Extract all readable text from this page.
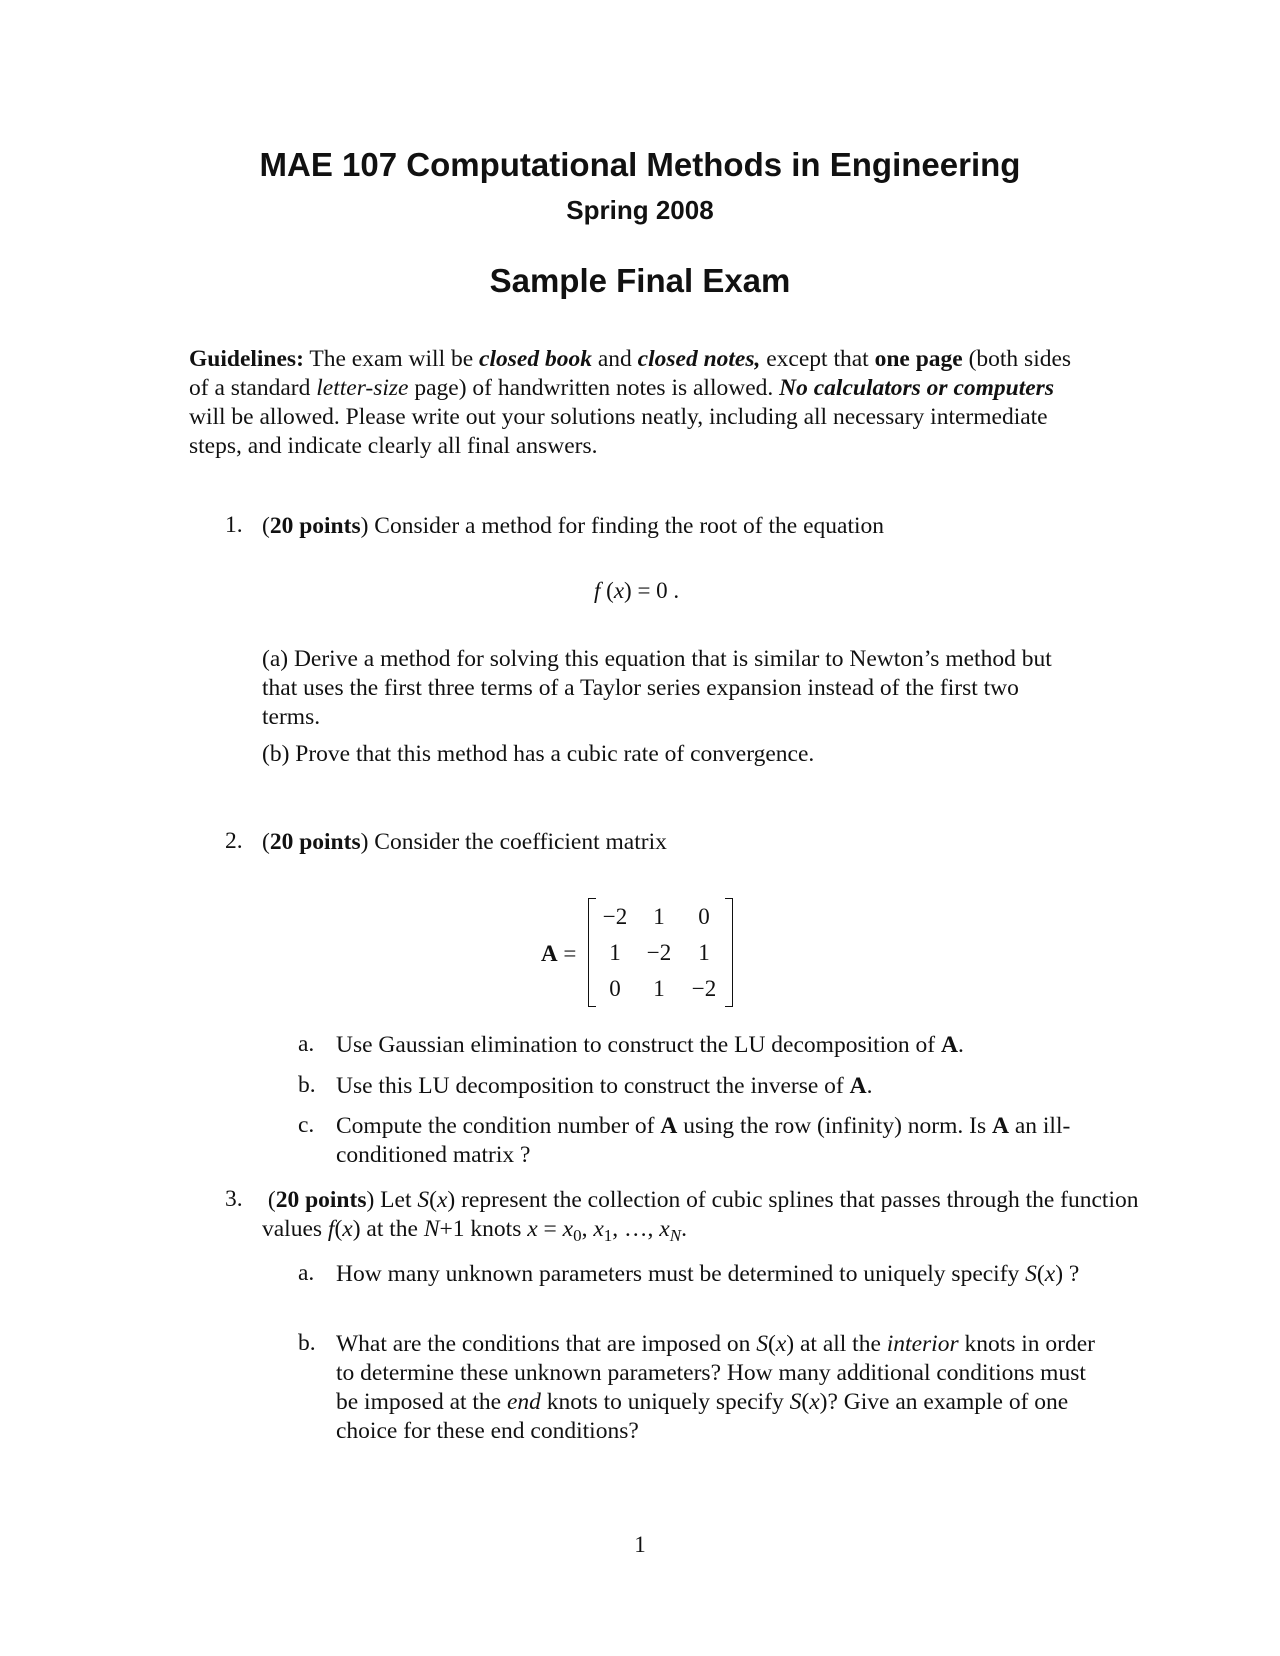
MAE 107 Computational Methods in Engineering
Spring 2008
Sample Final Exam
Guidelines: The exam will be closed book and closed notes, except that one page (both sides of a standard letter-size page) of handwritten notes is allowed. No calculators or computers will be allowed. Please write out your solutions neatly, including all necessary intermediate steps, and indicate clearly all final answers.
1. (20 points) Consider a method for finding the root of the equation
f (x) = 0 .
(a) Derive a method for solving this equation that is similar to Newton’s method but that uses the first three terms of a Taylor series expansion instead of the first two terms.
(b) Prove that this method has a cubic rate of convergence.
2. (20 points) Consider the coefficient matrix
A =
−2	1	0
1	−2	1
0	1	−2
a. Use Gaussian elimination to construct the LU decomposition of A.
b. Use this LU decomposition to construct the inverse of A.
c. Compute the condition number of A using the row (infinity) norm. Is A an ill-conditioned matrix ?
3. (20 points) Let S(x) represent the collection of cubic splines that passes through the function values f(x) at the N+1 knots $x = x_0$, $x_1$, …, $x_N$.
a. How many unknown parameters must be determined to uniquely specify S(x) ?
b. What are the conditions that are imposed on S(x) at all the interior knots in order to determine these unknown parameters? How many additional conditions must be imposed at the end knots to uniquely specify S(x)? Give an example of one choice for these end conditions?
1
